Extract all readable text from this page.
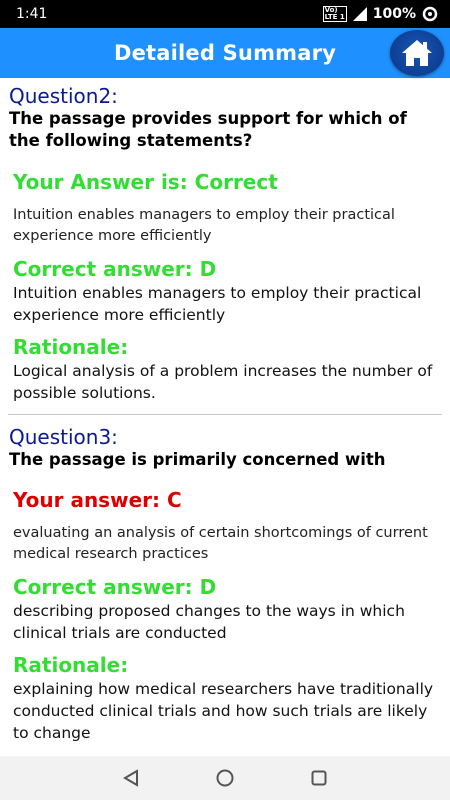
1:41	Vo)
LTE 1 100%
Detailed Summary
Question2:
The passage provides support for which of the following statements?
Your Answer is: Correct
Intuition enables managers to employ their practical experience more efficiently
Correct answer: D
Intuition enables managers to employ their practical experience more efficiently
Rationale:
Logical analysis of a problem increases the number of possible solutions.
Question3:
The passage is primarily concerned with
Your answer: C
evaluating an analysis of certain shortcomings of current medical research practices
Correct answer: D
describing proposed changes to the ways in which clinical trials are conducted
Rationale:
explaining how medical researchers have traditionally conducted clinical trials and how such trials are likely to change
